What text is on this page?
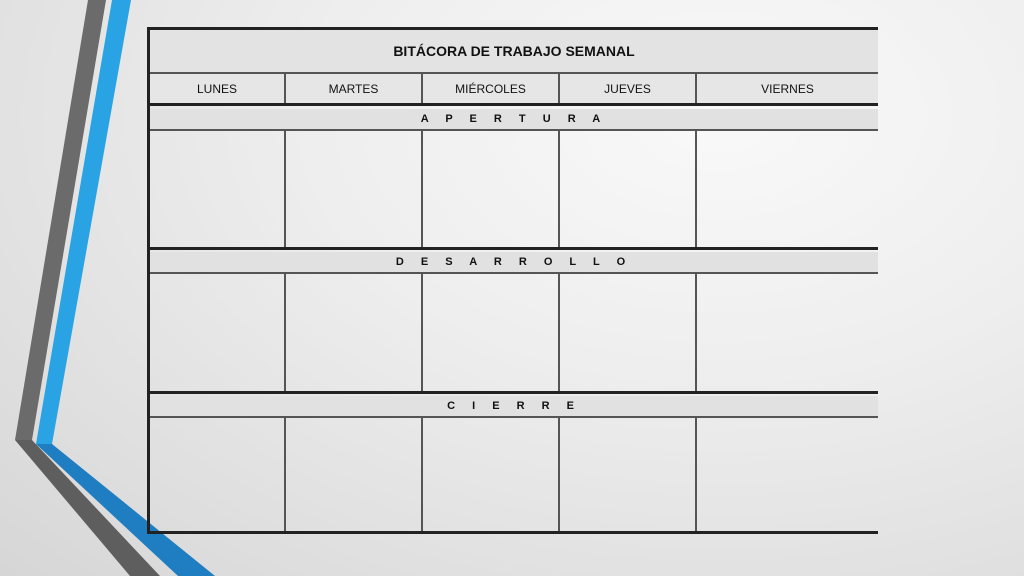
BITÁCORA DE TRABAJO SEMANAL
LUNES	MARTES	MIÉRCOLES	JUEVES	VIERNES
A P E R T U R A
D E S A R R O L L O
C I E R R E
